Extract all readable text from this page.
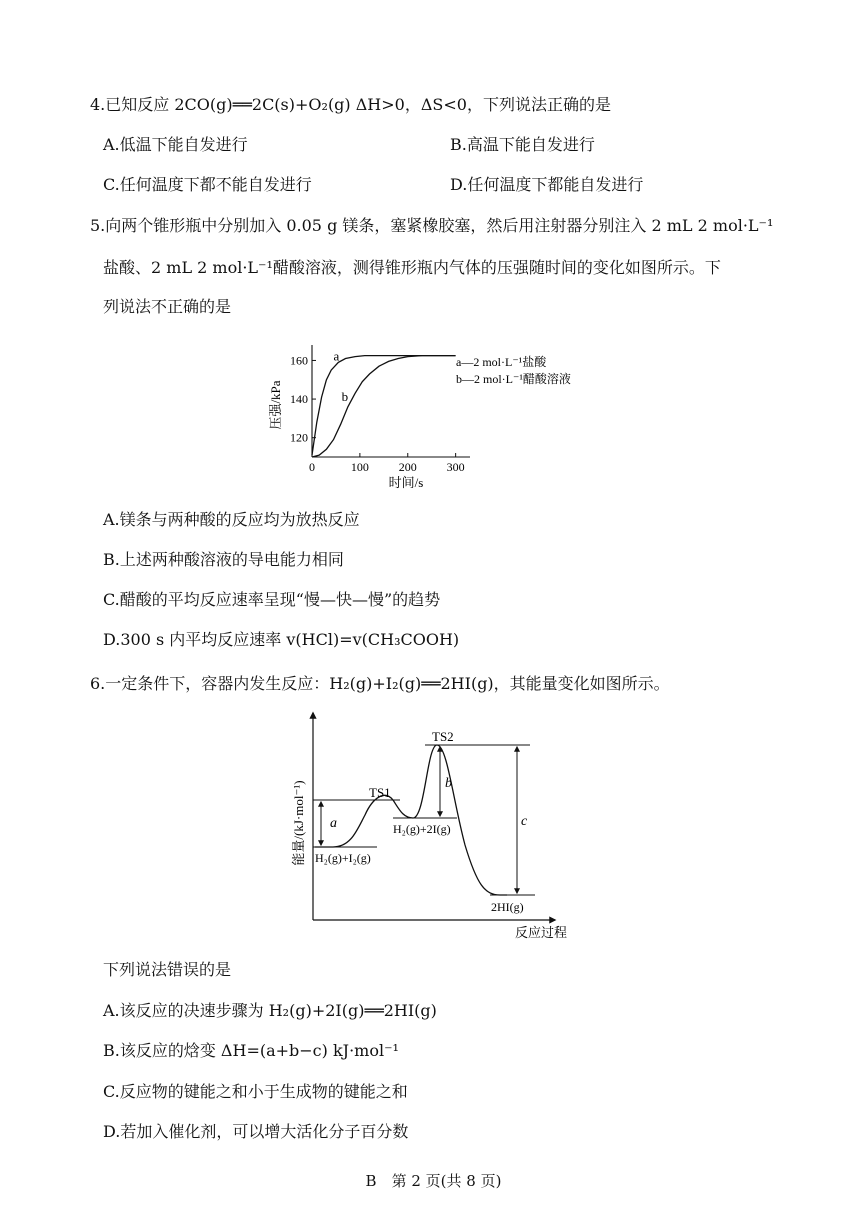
4.已知反应 2CO(g)══2C(s)+O₂(g) ΔH>0，ΔS<0，下列说法正确的是
A.低温下能自发进行	B.高温下能自发进行
C.任何温度下都不能自发进行	D.任何温度下都能自发进行
5.向两个锥形瓶中分别加入 0.05 g 镁条，塞紧橡胶塞，然后用注射器分别注入 2 mL 2 mol·L⁻¹
盐酸、2 mL 2 mol·L⁻¹醋酸溶液，测得锥形瓶内气体的压强随时间的变化如图所示。下
列说法不正确的是
0	100 200 300
120
140
160 a
b
时间/s
压强/kPa
a—2 mol·L⁻¹盐酸
b—2 mol·L⁻¹醋酸溶液
A.镁条与两种酸的反应均为放热反应
B.上述两种酸溶液的导电能力相同
C.醋酸的平均反应速率呈现“慢—快—慢”的趋势
D.300 s 内平均反应速率 v(HCl)=v(CH₃COOH)
6.一定条件下，容器内发生反应：H₂(g)+I₂(g)══2HI(g)，其能量变化如图所示。
能量/(kJ·mol⁻¹)
反应过程
a
b
c
TS1
TS2
H₂(g)+2I(g)
H₂(g)+I₂(g)
2HI(g)
下列说法错误的是
A.该反应的决速步骤为 H₂(g)+2I(g)══2HI(g)
B.该反应的焓变 ΔH=(a+b−c) kJ·mol⁻¹
C.反应物的键能之和小于生成物的键能之和
D.若加入催化剂，可以增大活化分子百分数
B　第 2 页(共 8 页)
